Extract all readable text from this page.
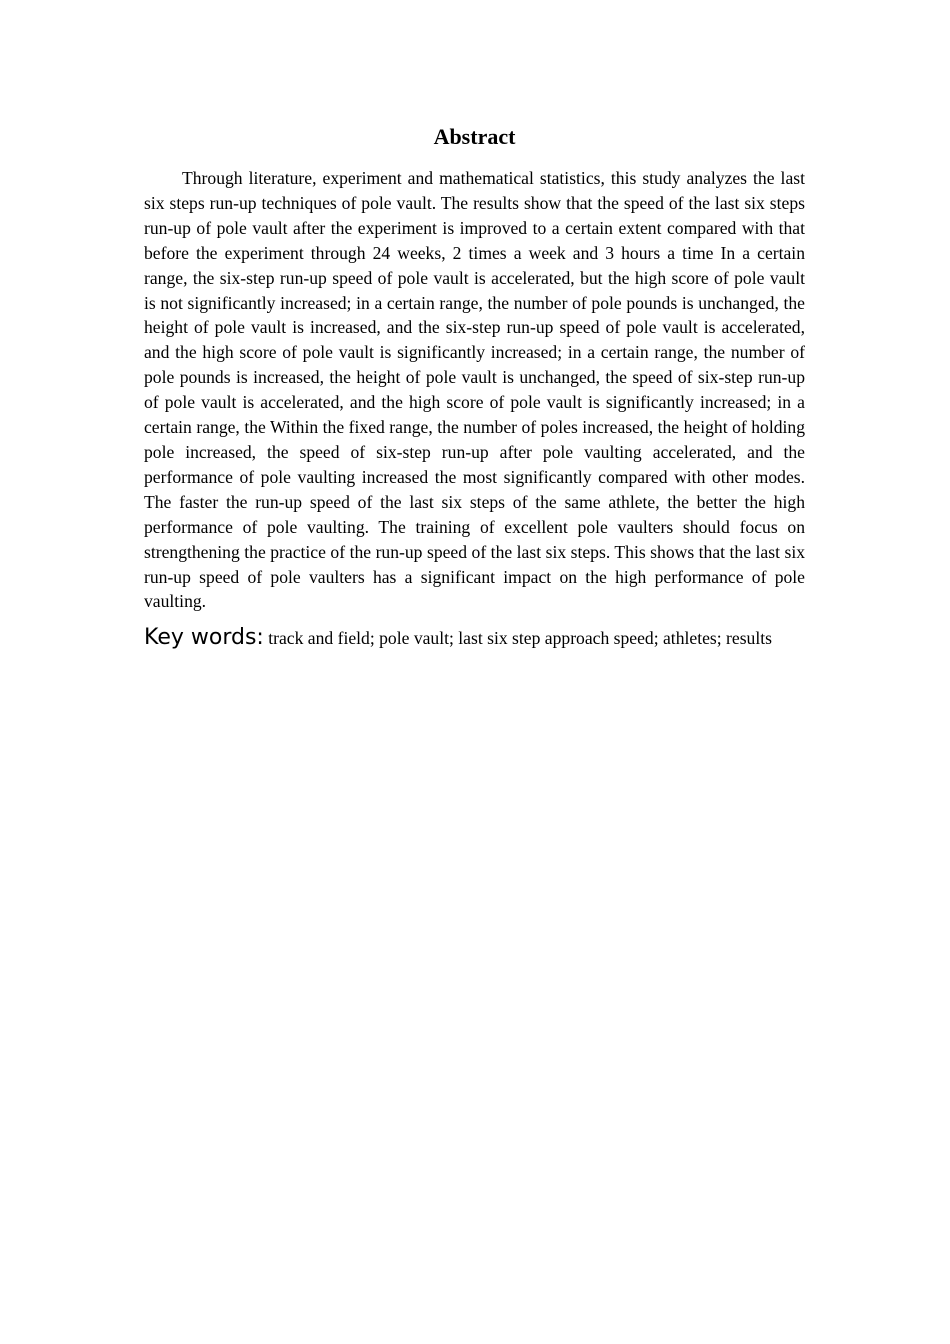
Abstract

Through literature, experiment and mathematical statistics, this study analyzes the last six steps run-up techniques of pole vault. The results show that the speed of the last six steps run-up of pole vault after the experiment is improved to a certain extent compared with that before the experiment through 24 weeks, 2 times a week and 3 hours a time In a certain range, the six-step run-up speed of pole vault is accelerated, but the high score of pole vault is not significantly increased; in a certain range, the number of pole pounds is unchanged, the height of pole vault is increased, and the six-step run-up speed of pole vault is accelerated, and the high score of pole vault is significantly increased; in a certain range, the number of pole pounds is increased, the height of pole vault is unchanged, the speed of six-step run-up of pole vault is accelerated, and the high score of pole vault is significantly increased; in a certain range, the Within the fixed range, the number of poles increased, the height of holding pole increased, the speed of six-step run-up after pole vaulting accelerated, and the performance of pole vaulting increased the most significantly compared with other modes. The faster the run-up speed of the last six steps of the same athlete, the better the high performance of pole vaulting. The training of excellent pole vaulters should focus on strengthening the practice of the run-up speed of the last six steps. This shows that the last six run-up speed of pole vaulters has a significant impact on the high performance of pole vaulting.

Key words: track and field; pole vault; last six step approach speed; athletes; results
